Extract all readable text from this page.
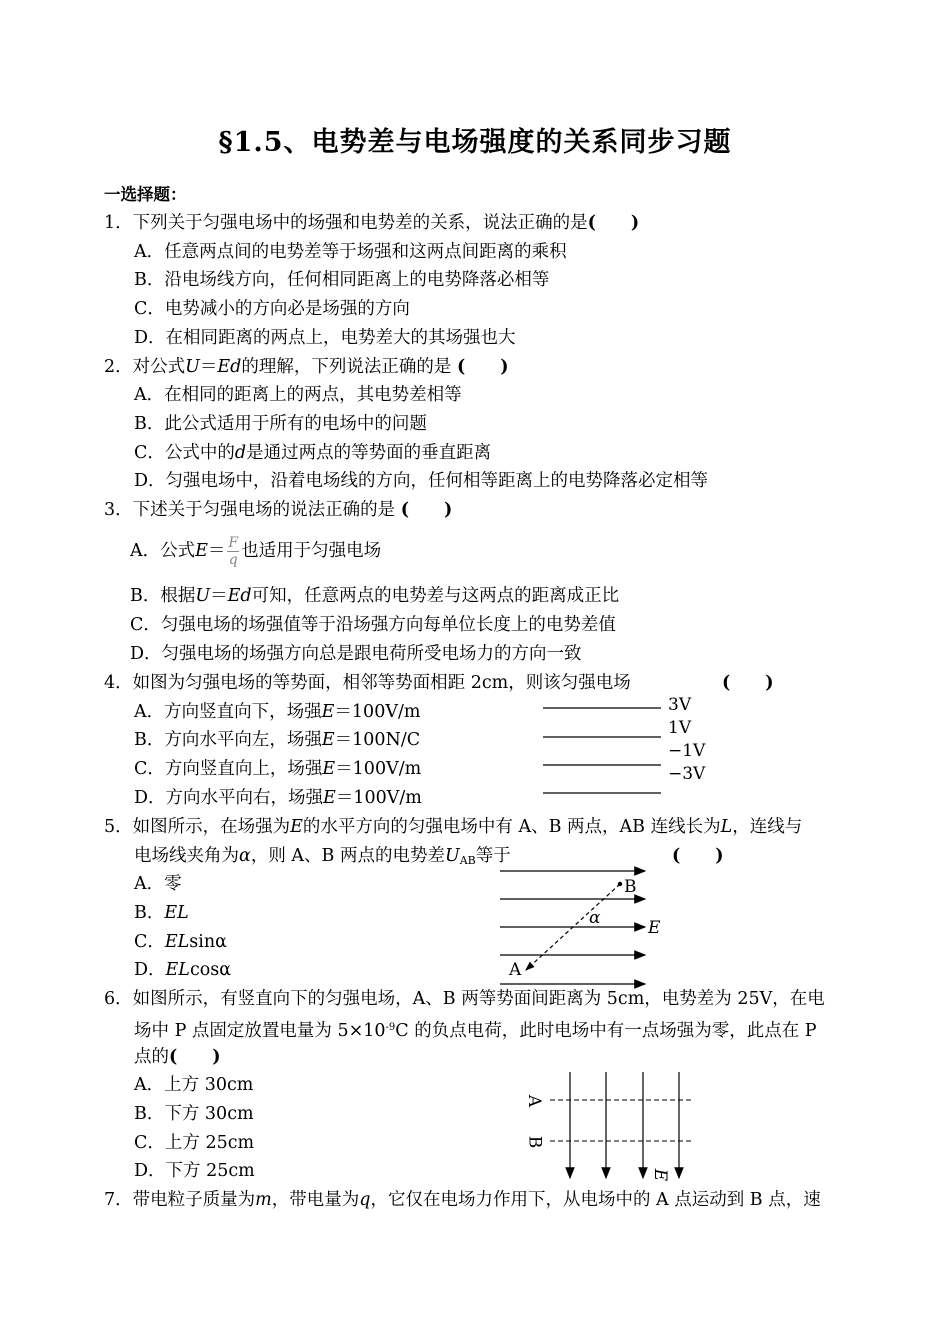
§1.5、电势差与电场强度的关系同步习题
一选择题：
1．下列关于匀强电场中的场强和电势差的关系，说法正确的是(　　)
A．任意两点间的电势差等于场强和这两点间距离的乘积
B．沿电场线方向，任何相同距离上的电势降落必相等
C．电势减小的方向必是场强的方向
D．在相同距离的两点上，电势差大的其场强也大
2．对公式U＝Ed的理解，下列说法正确的是 (　　)
A．在相同的距离上的两点，其电势差相等
B．此公式适用于所有的电场中的问题
C．公式中的d是通过两点的等势面的垂直距离
D．匀强电场中，沿着电场线的方向，任何相等距离上的电势降落必定相等
3．下述关于匀强电场的说法正确的是 (　　)
A．公式$E= \frac{F}{q}$ 也适用于匀强电场
B．根据U＝Ed可知，任意两点的电势差与这两点的距离成正比
C．匀强电场的场强值等于沿场强方向每单位长度上的电势差值
D．匀强电场的场强方向总是跟电荷所受电场力的方向一致
4．如图为匀强电场的等势面，相邻等势面相距 2cm，则该匀强电场	(　　)
A．方向竖直向下，场强E＝100V/m
B．方向水平向左，场强E＝100N/C
C．方向竖直向上，场强E＝100V/m
D．方向水平向右，场强E＝100V/m
3V
1V
−1V
−3V
5．如图所示，在场强为E的水平方向的匀强电场中有 A、B 两点，AB 连线长为L，连线与
电场线夹角为α，则 A、B 两点的电势差$U_{AB}$等于	(　　)
A．零
B．EL
C．ELsinα
D．ELcosα
B
A
α	E
6．如图所示，有竖直向下的匀强电场，A、B 两等势面间距离为 5cm，电势差为 25V，在电
场中 P 点固定放置电量为 $5\times 10^{-9}C$ 的负点电荷，此时电场中有一点场强为零，此点在 P
点的(　　)
A．上方 30cm
B．下方 30cm
C．上方 25cm
D．下方 25cm
A
B
E
7．带电粒子质量为m，带电量为q，它仅在电场力作用下，从电场中的 A 点运动到 B 点，速
